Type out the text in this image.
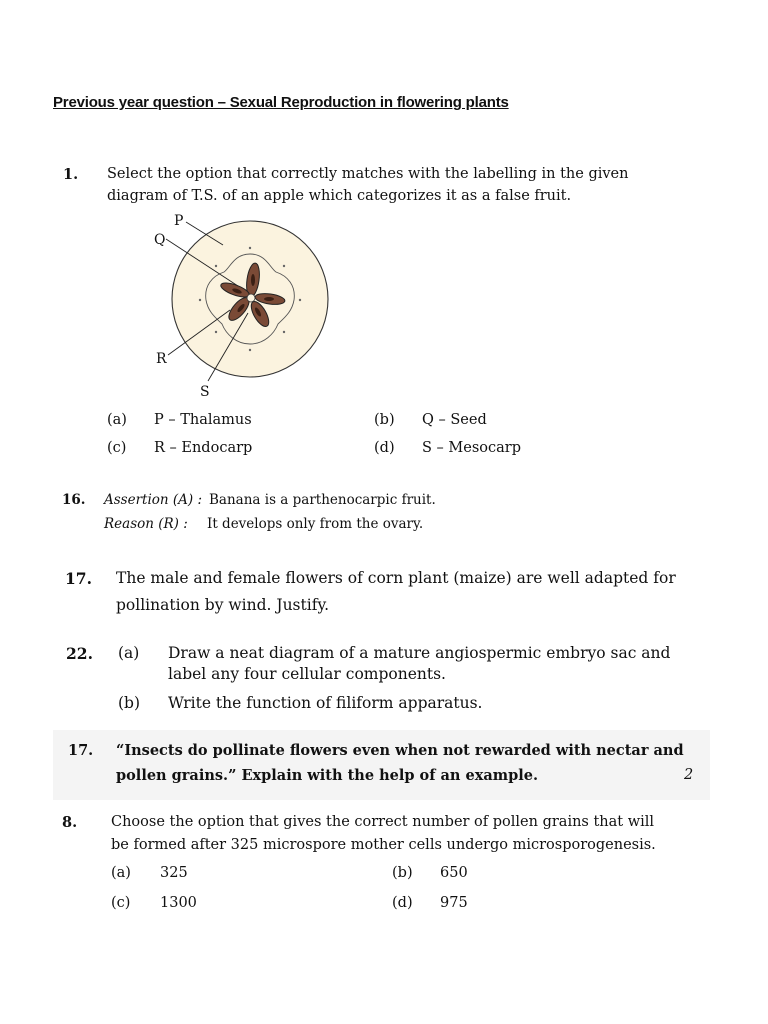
Previous year question – Sexual Reproduction in flowering plants
1. Select the option that correctly matches with the labelling in the given
diagram of T.S. of an apple which categorizes it as a false fruit.
P
Q
R
S
(a) P – Thalamus	(b) Q – Seed
(c) R – Endocarp	(d) S – Mesocarp
16. Assertion (A) : Banana is a parthenocarpic fruit.
Reason (R) : It develops only from the ovary.
17. The male and female flowers of corn plant (maize) are well adapted for
pollination by wind. Justify.
22. (a) Draw a neat diagram of a mature angiospermic embryo sac and
label any four cellular components.
(b) Write the function of filiform apparatus.
17. “Insects do pollinate flowers even when not rewarded with nectar and
pollen grains.” Explain with the help of an example.	2
8. Choose the option that gives the correct number of pollen grains that will
be formed after 325 microspore mother cells undergo microsporogenesis.
(a) 325	(b) 650
(c) 1300	(d) 975
